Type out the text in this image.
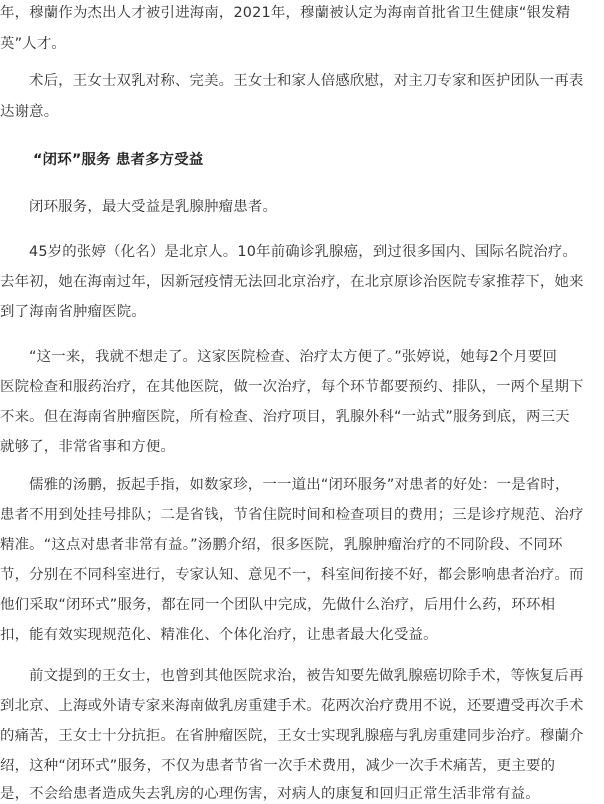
年，穆蘭作为杰出人才被引进海南，2021年，穆蘭被认定为海南首批省卫生健康“银发精
英”人才。
术后，王女士双乳对称、完美。王女士和家人倍感欣慰，对主刀专家和医护团队一再表
达谢意。
“闭环”服务 患者多方受益
闭环服务，最大受益是乳腺肿瘤患者。
45岁的张婷（化名）是北京人。10年前确诊乳腺癌，到过很多国内、国际名院治疗。
去年初，她在海南过年，因新冠疫情无法回北京治疗，在北京原诊治医院专家推荐下，她来
到了海南省肿瘤医院。
“这一来，我就不想走了。这家医院检查、治疗太方便了。”张婷说，她每2个月要回
医院检查和服药治疗，在其他医院，做一次治疗，每个环节都要预约、排队，一两个星期下
不来。但在海南省肿瘤医院，所有检查、治疗项目，乳腺外科“一站式”服务到底，两三天
就够了，非常省事和方便。
儒雅的汤鹏，扳起手指，如数家珍，一一道出“闭环服务”对患者的好处：一是省时，
患者不用到处挂号排队；二是省钱，节省住院时间和检查项目的费用；三是诊疗规范、治疗
精准。“这点对患者非常有益。”汤鹏介绍，很多医院，乳腺肿瘤治疗的不同阶段、不同环
节，分别在不同科室进行，专家认知、意见不一，科室间衔接不好，都会影响患者治疗。而
他们采取“闭环式”服务，都在同一个团队中完成，先做什么治疗，后用什么药，环环相
扣，能有效实现规范化、精准化、个体化治疗，让患者最大化受益。
前文提到的王女士，也曾到其他医院求治，被告知要先做乳腺癌切除手术，等恢复后再
到北京、上海或外请专家来海南做乳房重建手术。花两次治疗费用不说，还要遭受再次手术
的痛苦，王女士十分抗拒。在省肿瘤医院，王女士实现乳腺癌与乳房重建同步治疗。穆蘭介
绍，这种“闭环式”服务，不仅为患者节省一次手术费用，减少一次手术痛苦，更主要的
是，不会给患者造成失去乳房的心理伤害，对病人的康复和回归正常生活非常有益。
